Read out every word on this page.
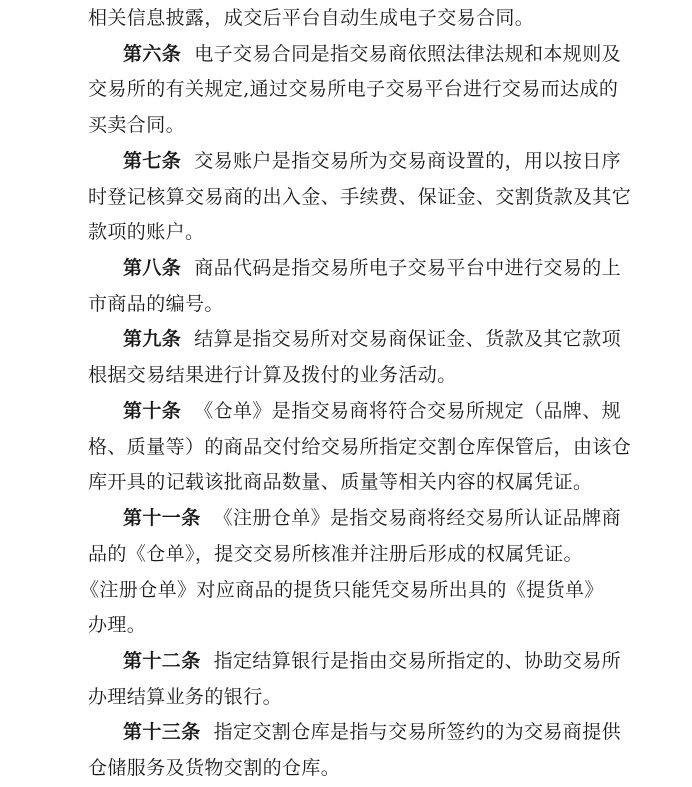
相关信息披露，成交后平台自动生成电子交易合同。
第六条 电子交易合同是指交易商依照法律法规和本规则及
交易所的有关规定,通过交易所电子交易平台进行交易而达成的
买卖合同。
第七条 交易账户是指交易所为交易商设置的，用以按日序
时登记核算交易商的出入金、手续费、保证金、交割货款及其它
款项的账户。
第八条 商品代码是指交易所电子交易平台中进行交易的上
市商品的编号。
第九条 结算是指交易所对交易商保证金、货款及其它款项
根据交易结果进行计算及拨付的业务活动。
第十条 《仓单》是指交易商将符合交易所规定（品牌、规
格、质量等）的商品交付给交易所指定交割仓库保管后，由该仓
库开具的记载该批商品数量、质量等相关内容的权属凭证。
第十一条 《注册仓单》是指交易商将经交易所认证品牌商
品的《仓单》，提交交易所核准并注册后形成的权属凭证。
《注册仓单》对应商品的提货只能凭交易所出具的《提货单》
办理。
第十二条 指定结算银行是指由交易所指定的、协助交易所
办理结算业务的银行。
第十三条 指定交割仓库是指与交易所签约的为交易商提供
仓储服务及货物交割的仓库。
